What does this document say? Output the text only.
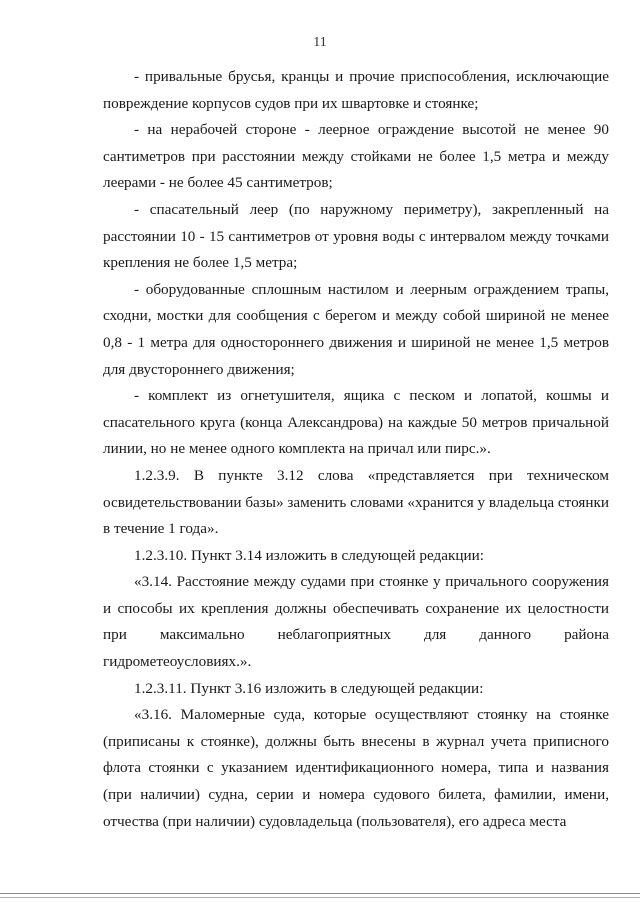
11

- привальные брусья, кранцы и прочие приспособления, исключающие повреждение корпусов судов при их швартовке и стоянке;

- на нерабочей стороне - леерное ограждение высотой не менее 90 сантиметров при расстоянии между стойками не более 1,5 метра и между леерами - не более 45 сантиметров;

- спасательный леер (по наружному периметру), закрепленный на расстоянии 10 - 15 сантиметров от уровня воды с интервалом между точками крепления не более 1,5 метра;

- оборудованные сплошным настилом и леерным ограждением трапы, сходни, мостки для сообщения с берегом и между собой шириной не менее 0,8 - 1 метра для одностороннего движения и шириной не менее 1,5 метров для двустороннего движения;

- комплект из огнетушителя, ящика с песком и лопатой, кошмы и спасательного круга (конца Александрова) на каждые 50 метров причальной линии, но не менее одного комплекта на причал или пирс.».

1.2.3.9. В пункте 3.12 слова «представляется при техническом освидетельствовании базы» заменить словами «хранится у владельца стоянки в течение 1 года».

1.2.3.10. Пункт 3.14 изложить в следующей редакции:

«3.14. Расстояние между судами при стоянке у причального сооружения и способы их крепления должны обеспечивать сохранение их целостности при максимально неблагоприятных для данного района гидрометеоусловиях.».

1.2.3.11. Пункт 3.16 изложить в следующей редакции:

«3.16. Маломерные суда, которые осуществляют стоянку на стоянке (приписаны к стоянке), должны быть внесены в журнал учета приписного флота стоянки с указанием идентификационного номера, типа и названия (при наличии) судна, серии и номера судового билета, фамилии, имени, отчества (при наличии) судовладельца (пользователя), его адреса места
